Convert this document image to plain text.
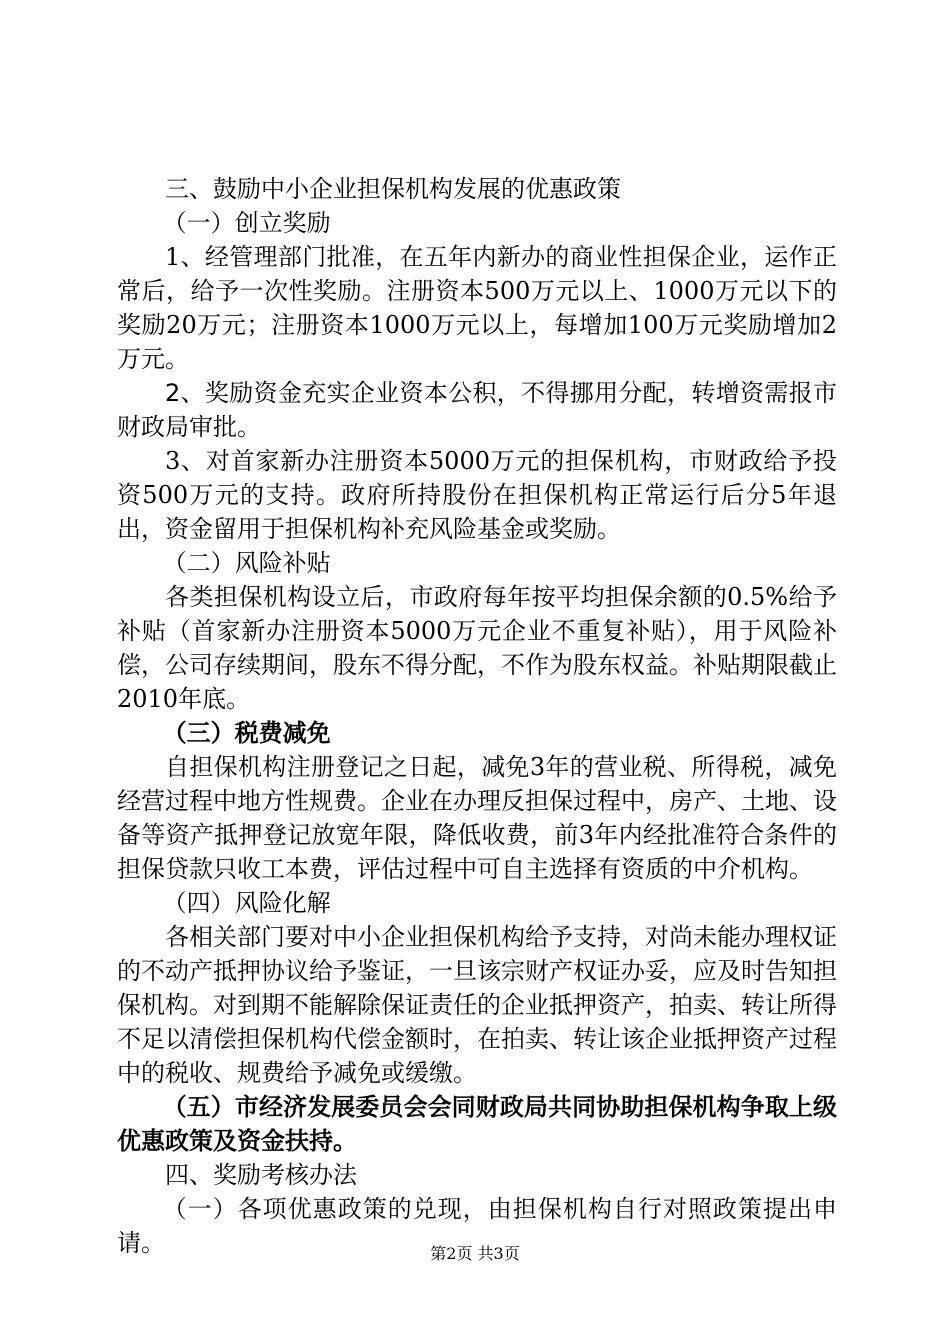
三、鼓励中小企业担保机构发展的优惠政策

（一）创立奖励

1、经管理部门批准，在五年内新办的商业性担保企业，运作正常后，给予一次性奖励。注册资本500万元以上、1000万元以下的奖励20万元；注册资本1000万元以上，每增加100万元奖励增加2万元。

2、奖励资金充实企业资本公积，不得挪用分配，转增资需报市财政局审批。

3、对首家新办注册资本5000万元的担保机构，市财政给予投资500万元的支持。政府所持股份在担保机构正常运行后分5年退出，资金留用于担保机构补充风险基金或奖励。

（二）风险补贴

各类担保机构设立后，市政府每年按平均担保余额的0.5%给予补贴（首家新办注册资本5000万元企业不重复补贴），用于风险补偿，公司存续期间，股东不得分配，不作为股东权益。补贴期限截止2010年底。

（三）税费减免

自担保机构注册登记之日起，减免3年的营业税、所得税，减免经营过程中地方性规费。企业在办理反担保过程中，房产、土地、设备等资产抵押登记放宽年限，降低收费，前3年内经批准符合条件的担保贷款只收工本费，评估过程中可自主选择有资质的中介机构。

（四）风险化解

各相关部门要对中小企业担保机构给予支持，对尚未能办理权证的不动产抵押协议给予鉴证，一旦该宗财产权证办妥，应及时告知担保机构。对到期不能解除保证责任的企业抵押资产，拍卖、转让所得不足以清偿担保机构代偿金额时，在拍卖、转让该企业抵押资产过程中的税收、规费给予减免或缓缴。

（五）市经济发展委员会会同财政局共同协助担保机构争取上级优惠政策及资金扶持。

四、奖励考核办法

（一）各项优惠政策的兑现，由担保机构自行对照政策提出申请。	第2页 共3页
